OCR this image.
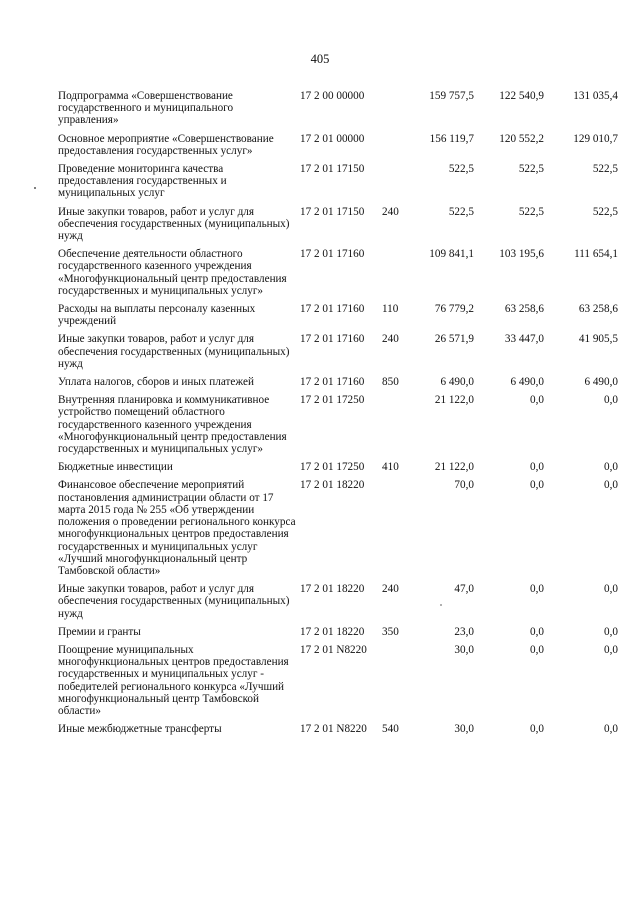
405
Подпрограмма «Совершенствование государственного и муниципального управления»	17 2 00 00000		159 757,5	122 540,9	131 035,4
Основное мероприятие «Совершенствование предоставления государственных услуг»	17 2 01 00000		156 119,7	120 552,2	129 010,7
Проведение мониторинга качества предоставления государственных и муниципальных услуг	17 2 01 17150		522,5	522,5	522,5
Иные закупки товаров, работ и услуг для обеспечения государственных (муниципальных) нужд	17 2 01 17150	240	522,5	522,5	522,5
Обеспечение деятельности областного государственного казенного учреждения «Многофункциональный центр предоставления государственных и муниципальных услуг»	17 2 01 17160		109 841,1	103 195,6	111 654,1
Расходы на выплаты персоналу казенных учреждений	17 2 01 17160	110	76 779,2	63 258,6	63 258,6
Иные закупки товаров, работ и услуг для обеспечения государственных (муниципальных) нужд	17 2 01 17160	240	26 571,9	33 447,0	41 905,5
Уплата налогов, сборов и иных платежей	17 2 01 17160	850	6 490,0	6 490,0	6 490,0
Внутренняя планировка и коммуникативное устройство помещений областного государственного казенного учреждения «Многофункциональный центр предоставления государственных и муниципальных услуг»	17 2 01 17250		21 122,0	0,0	0,0
Бюджетные инвестиции	17 2 01 17250	410	21 122,0	0,0	0,0
Финансовое обеспечение мероприятий постановления администрации области от 17 марта 2015 года № 255 «Об утверждении положения о проведении регионального конкурса многофункциональных центров предоставления государственных и муниципальных услуг «Лучший многофункциональный центр Тамбовской области»	17 2 01 18220		70,0	0,0	0,0
Иные закупки товаров, работ и услуг для обеспечения государственных (муниципальных) нужд	17 2 01 18220	240	47,0	0,0	0,0
Премии и гранты	17 2 01 18220	350	23,0	0,0	0,0
Поощрение муниципальных многофункциональных центров предоставления государственных и муниципальных услуг - победителей регионального конкурса «Лучший многофункциональный центр Тамбовской области»	17 2 01 N8220		30,0	0,0	0,0
Иные межбюджетные трансферты	17 2 01 N8220	540	30,0	0,0	0,0
